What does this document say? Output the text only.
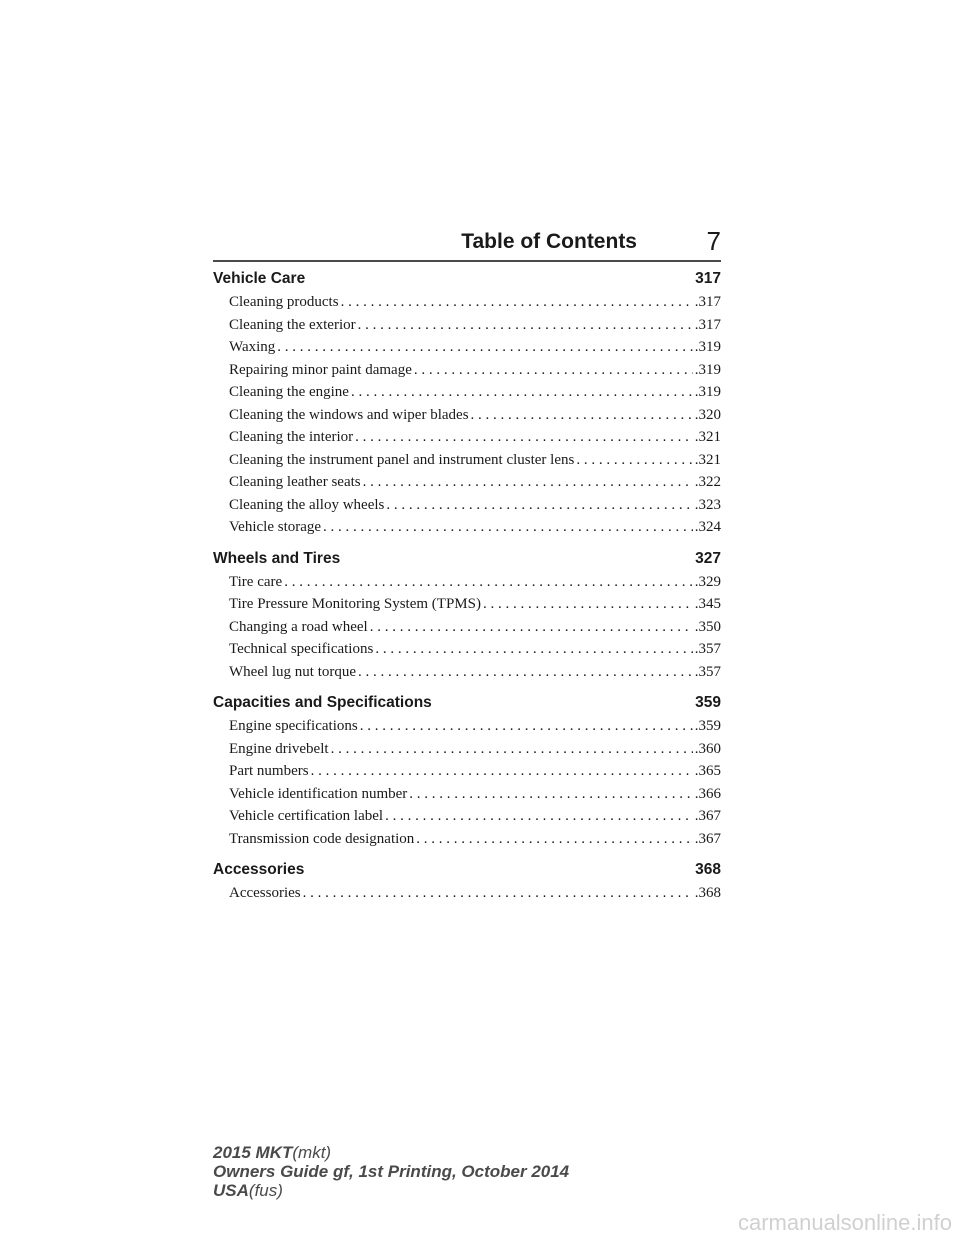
Table of Contents	7
Vehicle Care	317
Cleaning products . . .	.317
Cleaning the exterior . . .	.317
Waxing . . .	.319
Repairing minor paint damage . . .	.319
Cleaning the engine . . .	.319
Cleaning the windows and wiper blades . . .	.320
Cleaning the interior . . .	.321
Cleaning the instrument panel and instrument cluster lens . . .	.321
Cleaning leather seats . . .	.322
Cleaning the alloy wheels . . .	.323
Vehicle storage . . .	.324
Wheels and Tires	327
Tire care . . .	.329
Tire Pressure Monitoring System (TPMS) . . .	.345
Changing a road wheel . . .	.350
Technical specifications . . .	.357
Wheel lug nut torque . . .	.357
Capacities and Specifications	359
Engine specifications . . .	.359
Engine drivebelt . . .	.360
Part numbers . . .	.365
Vehicle identification number . . .	.366
Vehicle certification label . . .	.367
Transmission code designation . . .	.367
Accessories	368
Accessories . . .	.368
2015 MKT(mkt)
Owners Guide gf, 1st Printing, October 2014
USA(fus)
carmanualsonline.info
